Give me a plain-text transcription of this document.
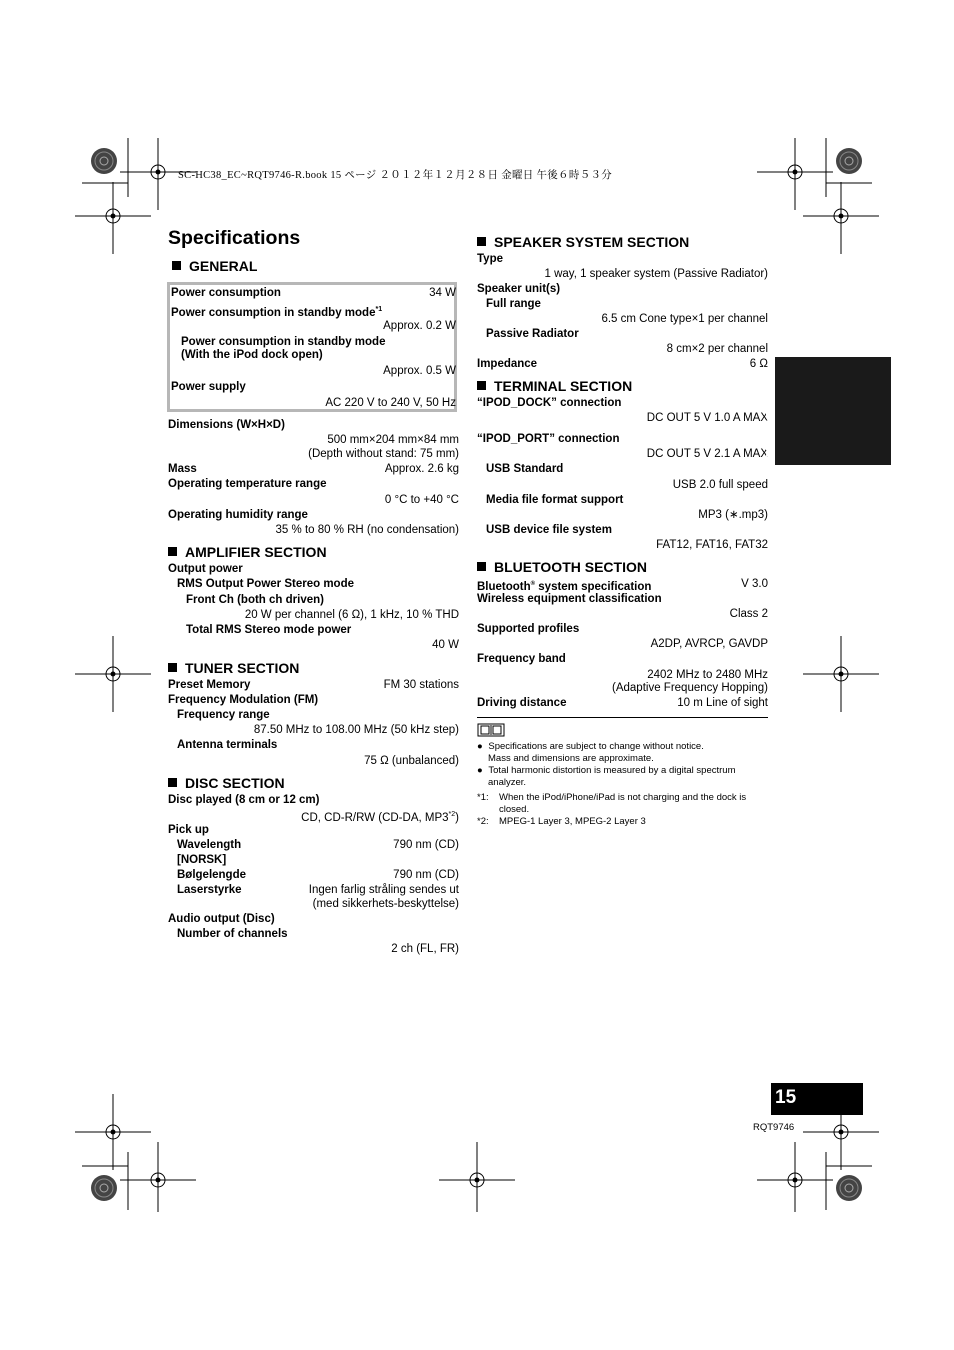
SC-HC38_EC~RQT9746-R.book 15 ページ ２０１２年１２月２８日 金曜日 午後６時５３分
Specifications
GENERAL
Power consumption	34 W
Power consumption in standby mode$^{*1}$
Approx. 0.2 W
Power consumption in standby mode
(With the iPod dock open)
Approx. 0.5 W
Power supply
AC 220 V to 240 V, 50 Hz
Dimensions (W×H×D)
500 mm×204 mm×84 mm
(Depth without stand: 75 mm)
Mass	Approx. 2.6 kg
Operating temperature range
0 °C to +40 °C
Operating humidity range
35 % to 80 % RH (no condensation)
AMPLIFIER SECTION
Output power
RMS Output Power Stereo mode
Front Ch (both ch driven)
20 W per channel (6 Ω), 1 kHz, 10 % THD
Total RMS Stereo mode power
40 W
TUNER SECTION
Preset Memory	FM 30 stations
Frequency Modulation (FM)
Frequency range
87.50 MHz to 108.00 MHz (50 kHz step)
Antenna terminals
75 Ω (unbalanced)
DISC SECTION
Disc played (8 cm or 12 cm)
CD, CD-R/RW (CD-DA, MP3$^{*2}$)
Pick up
Wavelength	790 nm (CD)
[NORSK]
Bølgelengde	790 nm (CD)
Laserstyrke	Ingen farlig stråling sendes ut
(med sikkerhets-beskyttelse)
Audio output (Disc)
Number of channels
2 ch (FL, FR)
SPEAKER SYSTEM SECTION
Type
1 way, 1 speaker system (Passive Radiator)
Speaker unit(s)
Full range
6.5 cm Cone type×1 per channel
Passive Radiator
8 cm×2 per channel
Impedance	6 Ω
TERMINAL SECTION
“IPOD_DOCK” connection
DC OUT 5 V 1.0 A MAX
“IPOD_PORT” connection
DC OUT 5 V 2.1 A MAX
USB Standard
USB 2.0 full speed
Media file format support
MP3 (∗.mp3)
USB device file system
FAT12, FAT16, FAT32
BLUETOOTH SECTION
Bluetooth® system specification	V 3.0
Wireless equipment classification
Class 2
Supported profiles
A2DP, AVRCP, GAVDP
Frequency band
2402 MHz to 2480 MHz
(Adaptive Frequency Hopping)
Driving distance	10 m Line of sight
● Specifications are subject to change without notice.
Mass and dimensions are approximate.
● Total harmonic distortion is measured by a digital spectrum
analyzer.
*1: When the iPod/iPhone/iPad is not charging and the dock is
closed.
*2: MPEG-1 Layer 3, MPEG-2 Layer 3
ENGLISH
15
RQT9746
